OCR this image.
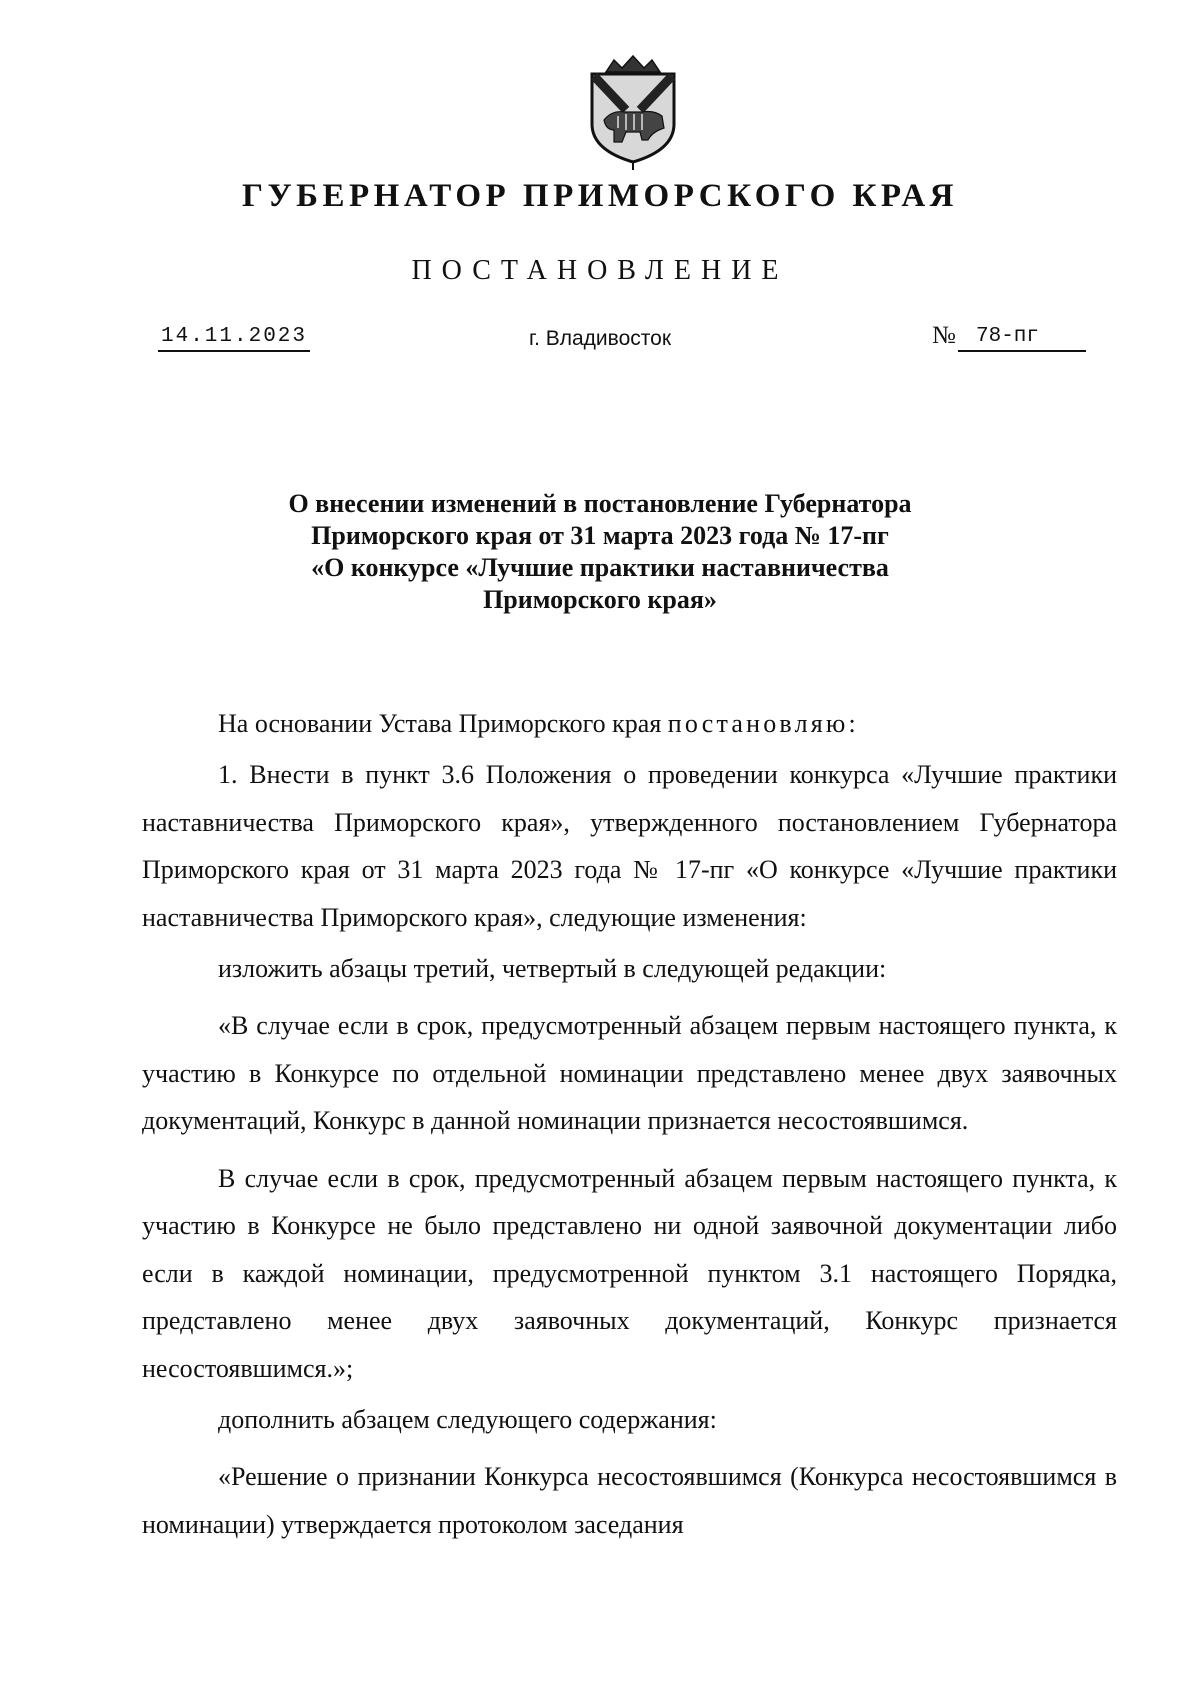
ГУБЕРНАТОР ПРИМОРСКОГО КРАЯ
ПОСТАНОВЛЕНИЕ
14.11.2023	г. Владивосток	№ 78-пг
О внесении изменений в постановление Губернатора
Приморского края от 31 марта 2023 года № 17-пг
«О конкурсе «Лучшие практики наставничества
Приморского края»

На основании Устава Приморского края постановляю:

1. Внести в пункт 3.6 Положения о проведении конкурса «Лучшие практики наставничества Приморского края», утвержденного постановлением Губернатора Приморского края от 31 марта 2023 года № 17-пг «О конкурсе «Лучшие практики наставничества Приморского края», следующие изменения:

изложить абзацы третий, четвертый в следующей редакции:

«В случае если в срок, предусмотренный абзацем первым настоящего пункта, к участию в Конкурсе по отдельной номинации представлено менее двух заявочных документаций, Конкурс в данной номинации признается несостоявшимся.

В случае если в срок, предусмотренный абзацем первым настоящего пункта, к участию в Конкурсе не было представлено ни одной заявочной документации либо если в каждой номинации, предусмотренной пунктом 3.1 настоящего Порядка, представлено менее двух заявочных документаций, Конкурс признается несостоявшимся.»;

дополнить абзацем следующего содержания:

«Решение о признании Конкурса несостоявшимся (Конкурса несостоявшимся в номинации) утверждается протоколом заседания
